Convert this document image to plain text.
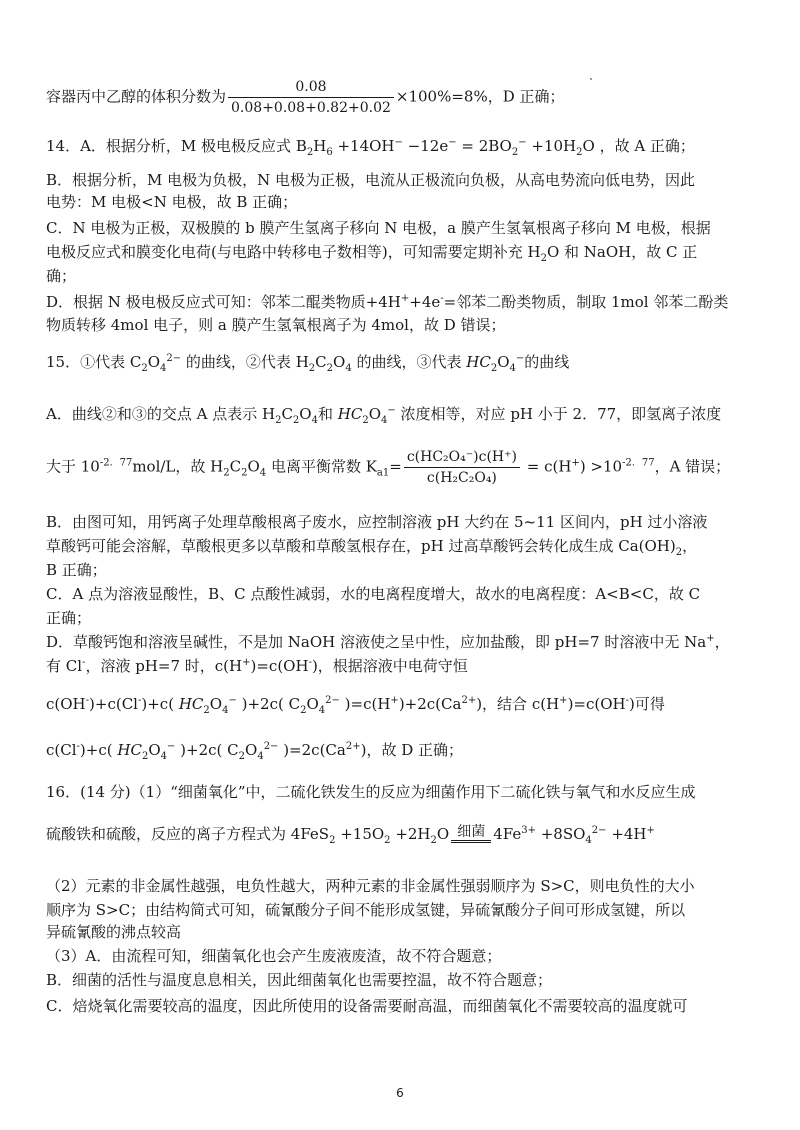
容器丙中乙醇的体积分数为 $\frac{0.08}{0.08+0.08+0.82+0.02} \times 100\%=8\%$，D 正确；
14．A．根据分析，M 极电极反应式 $B_2H_6 +14OH^- -12e^- = 2BO_2^- +10H_2O$ ，故 A 正确；
B．根据分析，M 电极为负极，N 电极为正极，电流从正极流向负极，从高电势流向低电势，因此
电势：M 电极<N 电极，故 B 正确；
C．N 电极为正极，双极膜的 b 膜产生氢离子移向 N 电极，a 膜产生氢氧根离子移向 M 电极，根据
电极反应式和膜变化电荷(与电路中转移电子数相等)，可知需要定期补充 $H_2O$ 和 NaOH，故 C 正
确；
D．根据 N 极电极反应式可知：邻苯二醌类物质+4H++4e-=邻苯二酚类物质，制取 1mol 邻苯二酚类
物质转移 4mol 电子，则 a 膜产生氢氧根离子为 4mol，故 D 错误；
15．①代表 $C_2O_4^{2-}$ 的曲线，②代表 $H_2C_2O_4$ 的曲线，③代表 $HC_2O_4^-$的曲线
A．曲线②和③的交点 A 点表示 $H_2C_2O_4$和 $HC_2O_4^-$ 浓度相等，对应 pH 小于 2．77，即氢离子浓度
大于 $10^{-2.77}mol/L$，故 $H_2C_2O_4$ 电离平衡常数 $K_{a1}= \frac{\text{c(HC₂O₄⁻)c(H⁺)}}{\text{c(H₂C₂O₄)}} = c(H^+) >10^{-2.77}$，A 错误；
B．由图可知，用钙离子处理草酸根离子废水，应控制溶液 pH 大约在 5~11 区间内，pH 过小溶液
草酸钙可能会溶解，草酸根更多以草酸和草酸氢根存在，pH 过高草酸钙会转化成生成 $Ca(OH)_2$，
B 正确；
C．A 点为溶液显酸性，B、C 点酸性减弱，水的电离程度增大，故水的电离程度：A<B<C，故 C
正确；
D．草酸钙饱和溶液呈碱性，不是加 NaOH 溶液使之呈中性，应加盐酸，即 pH=7 时溶液中无 Na+，
有 Cl-，溶液 pH=7 时，c(H+)=c(OH-)，根据溶液中电荷守恒
c(OH-)+c(Cl-)+c( $HC_2O_4^-$ )+2c( $C_2O_4^{2-}$ )$=c(H^+)+2c(Ca^{2+})$，结合 c(H+)=c(OH-)可得
c(Cl-)+c( $HC_2O_4^-$ )+2c( $C_2O_4^{2-}$ )$=2c(Ca^{2+})$，故 D 正确；
16．(14 分)（1）“细菌氧化”中，二硫化铁发生的反应为细菌作用下二硫化铁与氧气和水反应生成
硫酸铁和硫酸，反应的离子方程式为 $4FeS_2 +15O_2 +2H_2O$ 细菌 $4Fe^{3+} +8SO_4^{2-} +4H^+$
（2）元素的非金属性越强，电负性越大，两种元素的非金属性强弱顺序为 S>C，则电负性的大小
顺序为 S>C；由结构简式可知，硫氰酸分子间不能形成氢键，异硫氰酸分子间可形成氢键，所以
异硫氰酸的沸点较高
（3）A．由流程可知，细菌氧化也会产生废液废渣，故不符合题意；
B．细菌的活性与温度息息相关，因此细菌氧化也需要控温，故不符合题意；
C．焙烧氧化需要较高的温度，因此所使用的设备需要耐高温，而细菌氧化不需要较高的温度就可
6
